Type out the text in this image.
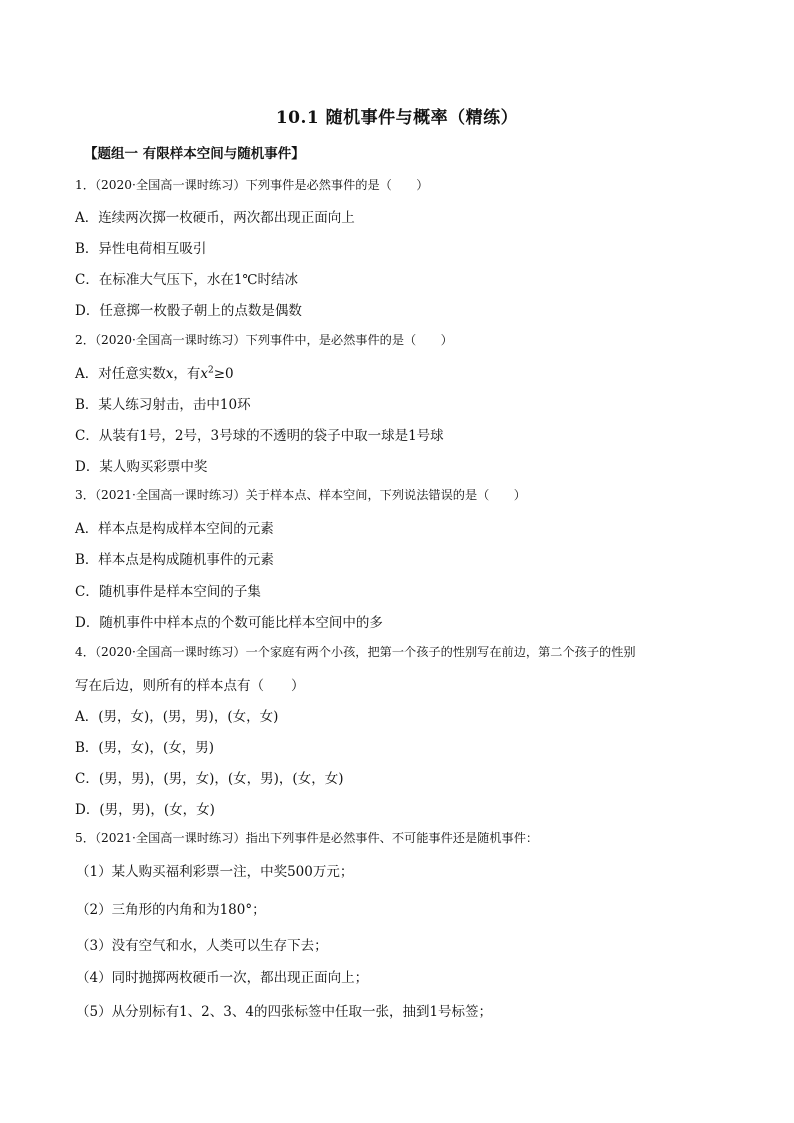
10.1 随机事件与概率（精练）
【题组一 有限样本空间与随机事件】
1．（2020·全国高一课时练习）下列事件是必然事件的是（　　）
A．连续两次掷一枚硬币，两次都出现正面向上
B．异性电荷相互吸引
C．在标准大气压下，水在1℃时结冰
D．任意掷一枚骰子朝上的点数是偶数
2．（2020·全国高一课时练习）下列事件中，是必然事件的是（　　）
A．对任意实数x，有$x^2\ge 0$
B．某人练习射击，击中10环
C．从装有1号，2号，3号球的不透明的袋子中取一球是1号球
D．某人购买彩票中奖
3．（2021·全国高一课时练习）关于样本点、样本空间，下列说法错误的是（　　）
A．样本点是构成样本空间的元素
B．样本点是构成随机事件的元素
C．随机事件是样本空间的子集
D．随机事件中样本点的个数可能比样本空间中的多
4．（2020·全国高一课时练习）一个家庭有两个小孩，把第一个孩子的性别写在前边，第二个孩子的性别
写在后边，则所有的样本点有（　　）
A．(男，女)，(男，男)，(女，女)
B．(男，女)，(女，男)
C．(男，男)，(男，女)，(女，男)，(女，女)
D．(男，男)，(女，女)
5．（2021·全国高一课时练习）指出下列事件是必然事件、不可能事件还是随机事件：
（1）某人购买福利彩票一注，中奖500万元；
（2）三角形的内角和为180°；
（3）没有空气和水，人类可以生存下去；
（4）同时抛掷两枚硬币一次，都出现正面向上；
（5）从分别标有1、2、3、4的四张标签中任取一张，抽到1号标签；
